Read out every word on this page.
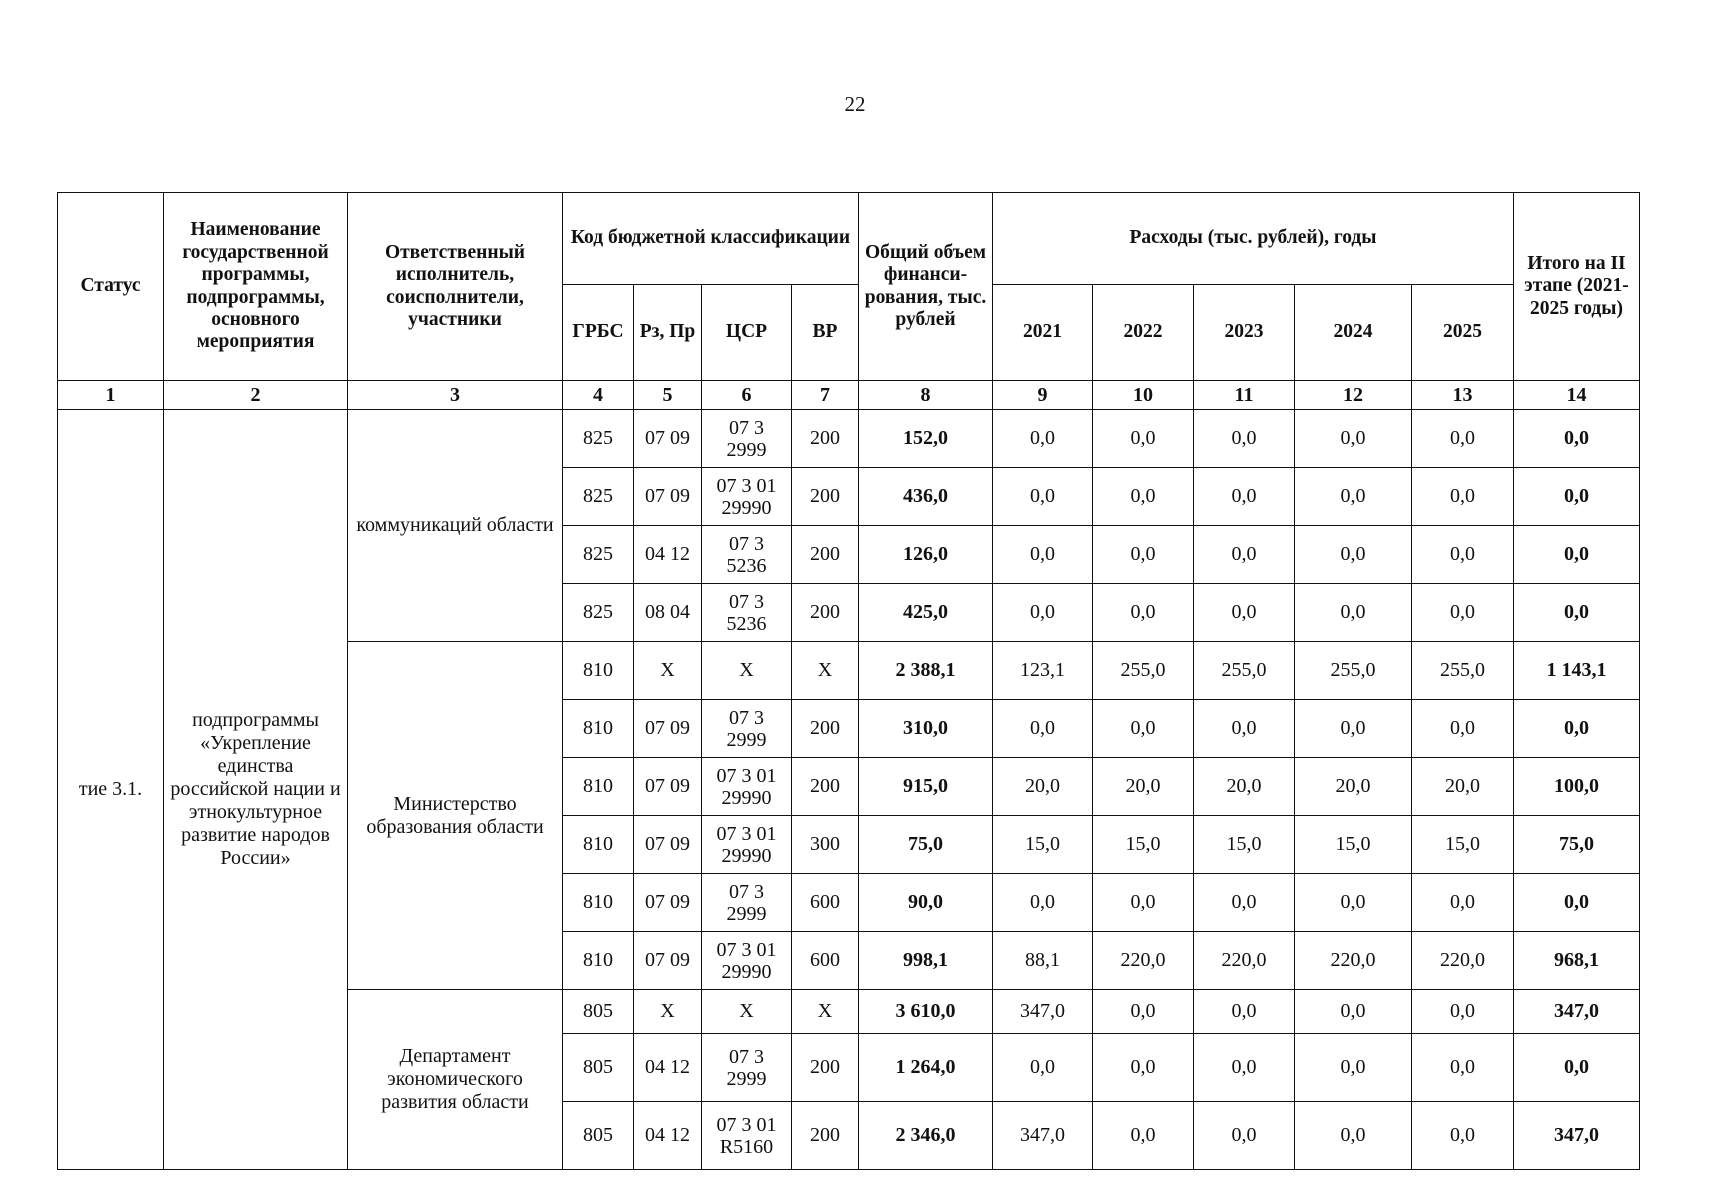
22
Статус	Наименование государственной программы, подпрограммы, основного мероприятия	Ответственный исполнитель, соисполнители, участники	Код бюджетной классификации				Общий объем финанси-рования, тыс. рублей	Расходы (тыс. рублей), годы					Итого на II этапе (2021-2025 годы)
			ГРБС	Рз, Пр	ЦСР	ВР		2021	2022	2023	2024	2025	
1	2	3	4	5	6	7	8	9	10	11	12	13	14
тие 3.1.	подпрограммы «Укрепление единства российской нации и этнокультурное развитие народов России»	коммуникаций области	825	07 09	07 3
2999	200	152,0	0,0	0,0	0,0	0,0	0,0	0,0
			825	07 09	07 3 01
29990	200	436,0	0,0	0,0	0,0	0,0	0,0	0,0
			825	04 12	07 3
5236	200	126,0	0,0	0,0	0,0	0,0	0,0	0,0
			825	08 04	07 3
5236	200	425,0	0,0	0,0	0,0	0,0	0,0	0,0
		Министерство образования области	810	Х	Х	Х	2 388,1	123,1	255,0	255,0	255,0	255,0	1 143,1
			810	07 09	07 3
2999	200	310,0	0,0	0,0	0,0	0,0	0,0	0,0
			810	07 09	07 3 01
29990	200	915,0	20,0	20,0	20,0	20,0	20,0	100,0
			810	07 09	07 3 01
29990	300	75,0	15,0	15,0	15,0	15,0	15,0	75,0
			810	07 09	07 3
2999	600	90,0	0,0	0,0	0,0	0,0	0,0	0,0
			810	07 09	07 3 01
29990	600	998,1	88,1	220,0	220,0	220,0	220,0	968,1
		Департамент экономического развития области	805	Х	Х	Х	3 610,0	347,0	0,0	0,0	0,0	0,0	347,0
			805	04 12	07 3
2999	200	1 264,0	0,0	0,0	0,0	0,0	0,0	0,0
			805	04 12	07 3 01
R5160	200	2 346,0	347,0	0,0	0,0	0,0	0,0	347,0
